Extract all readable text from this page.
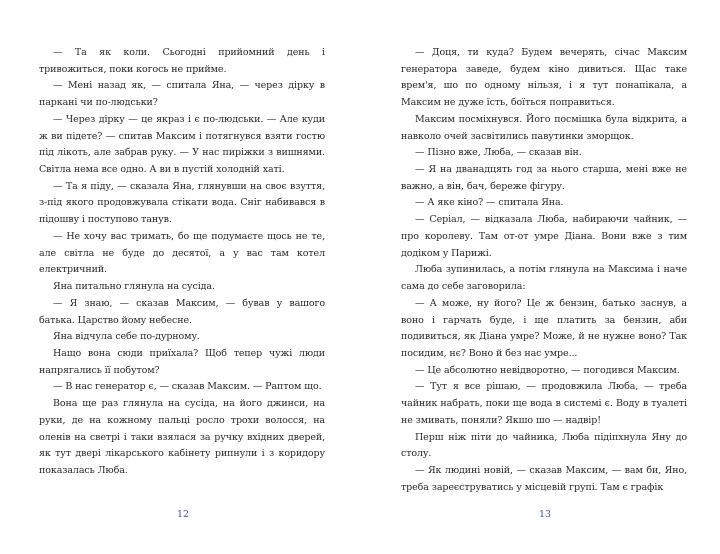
— Та як коли. Сьогодні прийомний день і тривожиться, поки когось не прийме.

— Мені назад як, — спитала Яна, — через дірку в паркані чи по-людськи?

— Через дірку — це якраз і є по-людськи. — Але куди ж ви підете? — спитав Максим і потягнувся взяти гостю під лікоть, але забрав руку. — У нас пиріжки з вишнями. Світла нема все одно. А ви в пустій холодній хаті.

— Та я піду, — сказала Яна, глянувши на своє взуття, з-під якого продовжувала стікати вода. Сніг набивався в підошву і поступово танув.

— Не хочу вас тримать, бо ще подумаєте щось не те, але світла не буде до десятої, а у вас там котел електричний.

Яна питально глянула на сусіда.

— Я знаю, — сказав Максим, — бував у вашого батька. Царство йому небесне.

Яна відчула себе по-дурному.

Нащо вона сюди приїхала? Щоб тепер чужі люди напрягались її побутом?

— В нас генератор є, — сказав Максим. — Раптом що.

Вона ще раз глянула на сусіда, на його джинси, на руки, де на кожному пальці росло трохи волосся, на оленів на светрі і таки взялася за ручку вхідних дверей, як тут двері лікарського кабінету рипнули і з коридору показалась Люба.

12

— Доця, ти куда? Будем вечерять, січас Максим генератора заведе, будем кіно дивиться. Щас таке врем'я, шо по одному нільзя, і я тут понапікала, а Максим не дуже їсть, боїться поправиться.

Максим посміхнувся. Його посмішка була відкрита, а навколо очей засвітились павутинки зморщок.

— Пізно вже, Люба, — сказав він.

— Я на дванадцять год за нього старша, мені вже не важно, а він, бач, береже фігуру.

— А яке кіно? — спитала Яна.

— Серіал, — відказала Люба, набираючи чайник, — про королеву. Там от-от умре Діана. Вони вже з тим додіком у Парижі.

Люба зупинилась, а потім глянула на Максима і наче сама до себе заговорила:

— А може, ну його? Це ж бензин, батько заснув, а воно і гарчать буде, і ще платить за бензин, аби подивиться, як Діана умре? Може, й не нужне воно? Так посидим, нє? Воно й без нас умре...

— Це абсолютно невідворотно, — погодився Максим.

— Тут я все рішаю, — продовжила Люба, — треба чайник набрать, поки ще вода в системі є. Воду в туалеті не змивать, поняли? Якшо шо — надвір!

Перш ніж піти до чайника, Люба підіпхнула Яну до столу.

— Як людині новій, — сказав Максим, — вам би, Яно, треба зареєструватись у місцевій групі. Там є графік

13
